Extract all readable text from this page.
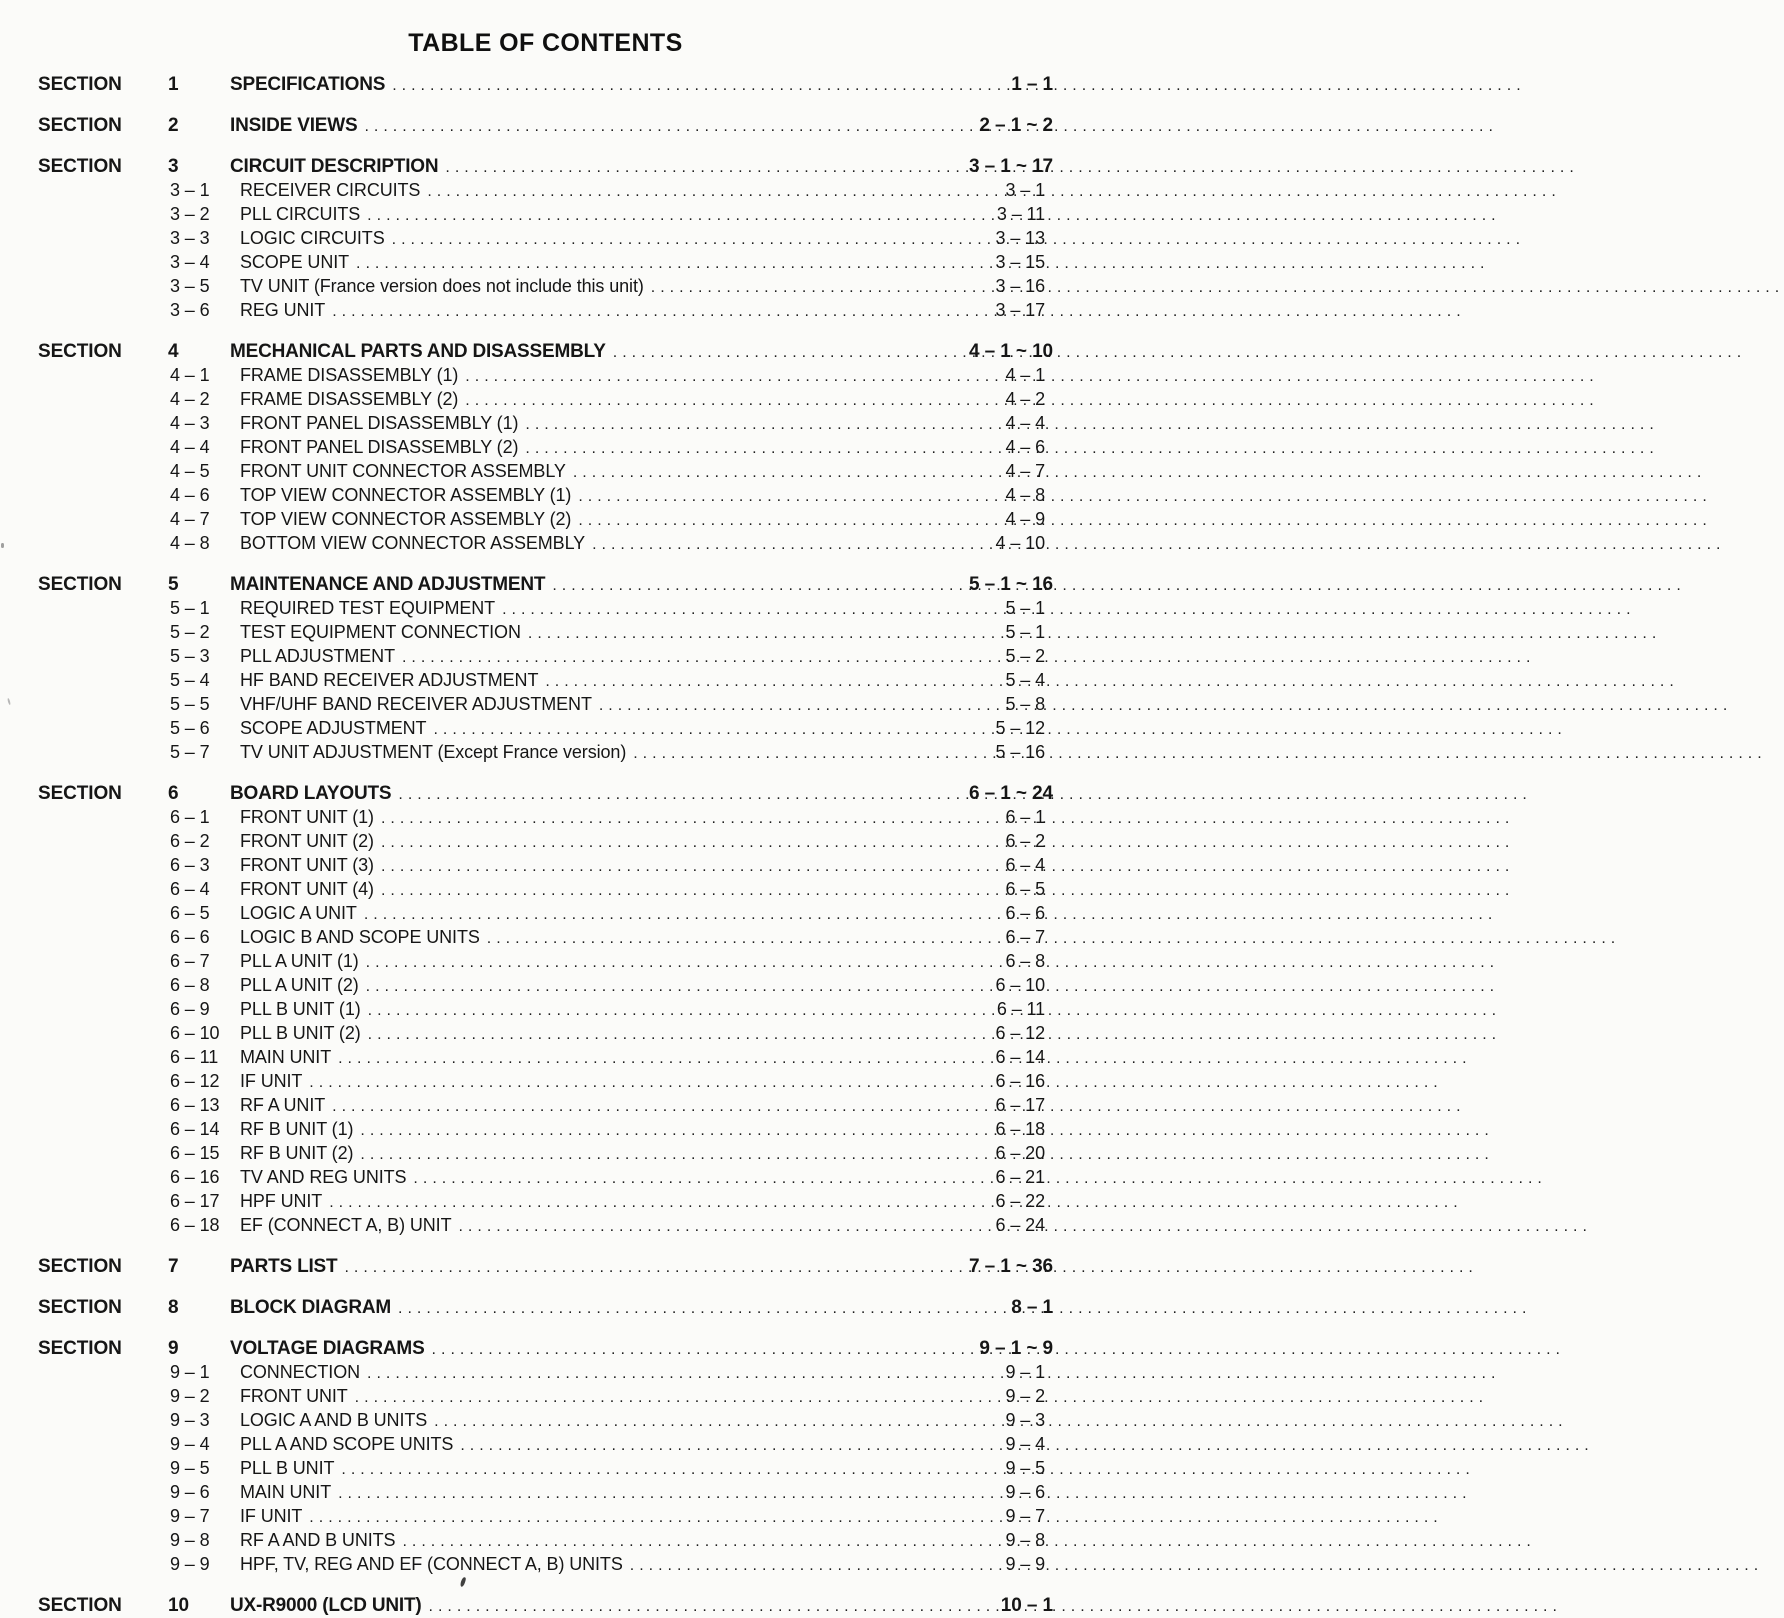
TABLE OF CONTENTS
SECTION	1	SPECIFICATIONS .....	1 – 1
SECTION	2	INSIDE VIEWS .....	2 – 1 ~ 2
SECTION	3	CIRCUIT DESCRIPTION .....	3 – 1 ~ 17
3 – 1	RECEIVER CIRCUITS .....	3 – 1
3 – 2	PLL CIRCUITS .....	3 – 11
3 – 3	LOGIC CIRCUITS .....	3 – 13
3 – 4	SCOPE UNIT .....	3 – 15
3 – 5	TV UNIT (France version does not include this unit) .....	3 – 16
3 – 6	REG UNIT .....	3 – 17
SECTION	4	MECHANICAL PARTS AND DISASSEMBLY .....	4 – 1 ~ 10
4 – 1	FRAME DISASSEMBLY (1) .....	4 – 1
4 – 2	FRAME DISASSEMBLY (2) .....	4 – 2
4 – 3	FRONT PANEL DISASSEMBLY (1) .....	4 – 4
4 – 4	FRONT PANEL DISASSEMBLY (2) .....	4 – 6
4 – 5	FRONT UNIT CONNECTOR ASSEMBLY .....	4 – 7
4 – 6	TOP VIEW CONNECTOR ASSEMBLY (1) .....	4 – 8
4 – 7	TOP VIEW CONNECTOR ASSEMBLY (2) .....	4 – 9
4 – 8	BOTTOM VIEW CONNECTOR ASSEMBLY .....	4 – 10
SECTION	5	MAINTENANCE AND ADJUSTMENT .....	5 – 1 ~ 16
5 – 1	REQUIRED TEST EQUIPMENT .....	5 – 1
5 – 2	TEST EQUIPMENT CONNECTION .....	5 – 1
5 – 3	PLL ADJUSTMENT .....	5 – 2
5 – 4	HF BAND RECEIVER ADJUSTMENT .....	5 – 4
5 – 5	VHF/UHF BAND RECEIVER ADJUSTMENT .....	5 – 8
5 – 6	SCOPE ADJUSTMENT .....	5 – 12
5 – 7	TV UNIT ADJUSTMENT (Except France version) .....	5 – 16
SECTION	6	BOARD LAYOUTS .....	6 – 1 ~ 24
6 – 1	FRONT UNIT (1) .....	6 – 1
6 – 2	FRONT UNIT (2) .....	6 – 2
6 – 3	FRONT UNIT (3) .....	6 – 4
6 – 4	FRONT UNIT (4) .....	6 – 5
6 – 5	LOGIC A UNIT .....	6 – 6
6 – 6	LOGIC B AND SCOPE UNITS .....	6 – 7
6 – 7	PLL A UNIT (1) .....	6 – 8
6 – 8	PLL A UNIT (2) .....	6 – 10
6 – 9	PLL B UNIT (1) .....	6 – 11
6 – 10	PLL B UNIT (2) .....	6 – 12
6 – 11	MAIN UNIT .....	6 – 14
6 – 12	IF UNIT .....	6 – 16
6 – 13	RF A UNIT .....	6 – 17
6 – 14	RF B UNIT (1) .....	6 – 18
6 – 15	RF B UNIT (2) .....	6 – 20
6 – 16	TV AND REG UNITS .....	6 – 21
6 – 17	HPF UNIT .....	6 – 22
6 – 18	EF (CONNECT A, B) UNIT .....	6 – 24
SECTION	7	PARTS LIST .....	7 – 1 ~ 36
SECTION	8	BLOCK DIAGRAM .....	8 – 1
SECTION	9	VOLTAGE DIAGRAMS .....	9 – 1 ~ 9
9 – 1	CONNECTION .....	9 – 1
9 – 2	FRONT UNIT .....	9 – 2
9 – 3	LOGIC A AND B UNITS .....	9 – 3
9 – 4	PLL A AND SCOPE UNITS .....	9 – 4
9 – 5	PLL B UNIT .....	9 – 5
9 – 6	MAIN UNIT .....	9 – 6
9 – 7	IF UNIT .....	9 – 7
9 – 8	RF A AND B UNITS .....	9 – 8
9 – 9	HPF, TV, REG AND EF (CONNECT A, B) UNITS .....	9 – 9
SECTION	10	UX-R9000 (LCD UNIT) .....	10 – 1
